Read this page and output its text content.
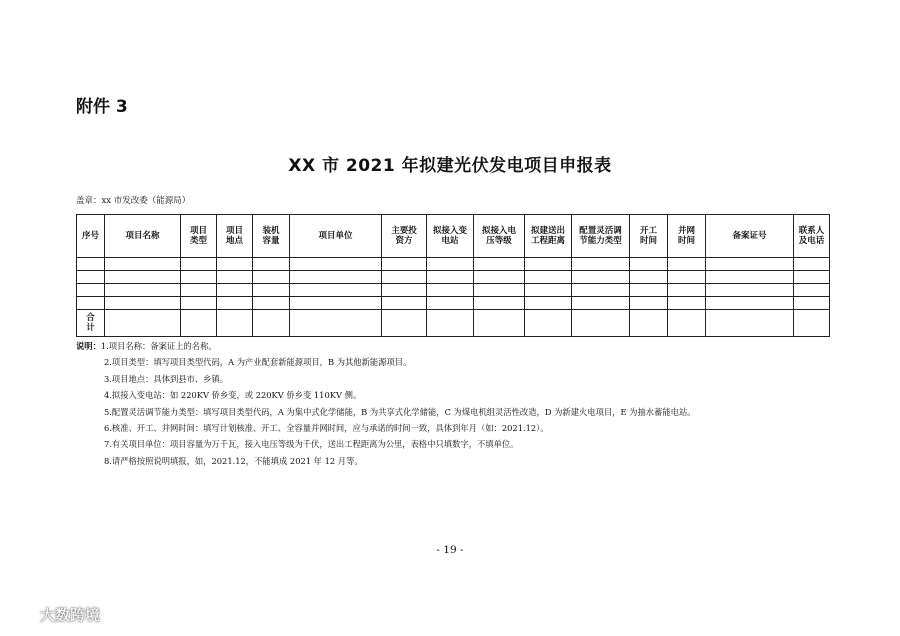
附件 3
XX 市 2021 年拟建光伏发电项目申报表
盖章：xx 市发改委（能源局）
序号	项目名称	项目类型	项目地点	装机容量	项目单位	主要投资方	拟接入变电站	拟接入电压等级	拟建送出工程距离	配置灵活调节能力类型	开工时间	并网时间	备案证号	联系人及电话

合计														
说明：1.项目名称：备案证上的名称。
2.项目类型：填写项目类型代码，A 为产业配套新能源项目，B 为其他新能源项目。
3.项目地点：具体到县市、乡镇。
4.拟接入变电站：如 220KV 侨乡变，或 220KV 侨乡变 110KV 侧。
5.配置灵活调节能力类型：填写项目类型代码，A 为集中式化学储能，B 为共享式化学储能，C 为煤电机组灵活性改造，D 为新建火电项目，E 为抽水蓄能电站。
6.核准、开工、并网时间：填写计划核准、开工、全容量并网时间，应与承诺的时间一致，具体到年月（如：2021.12）。
7.有关项目单位：项目容量为万千瓦，接入电压等级为千伏，送出工程距离为公里，表格中只填数字，不填单位。
8.请严格按照说明填报，如，2021.12，不能填成 2021 年 12 月等。
- 19 -
大数跨境
